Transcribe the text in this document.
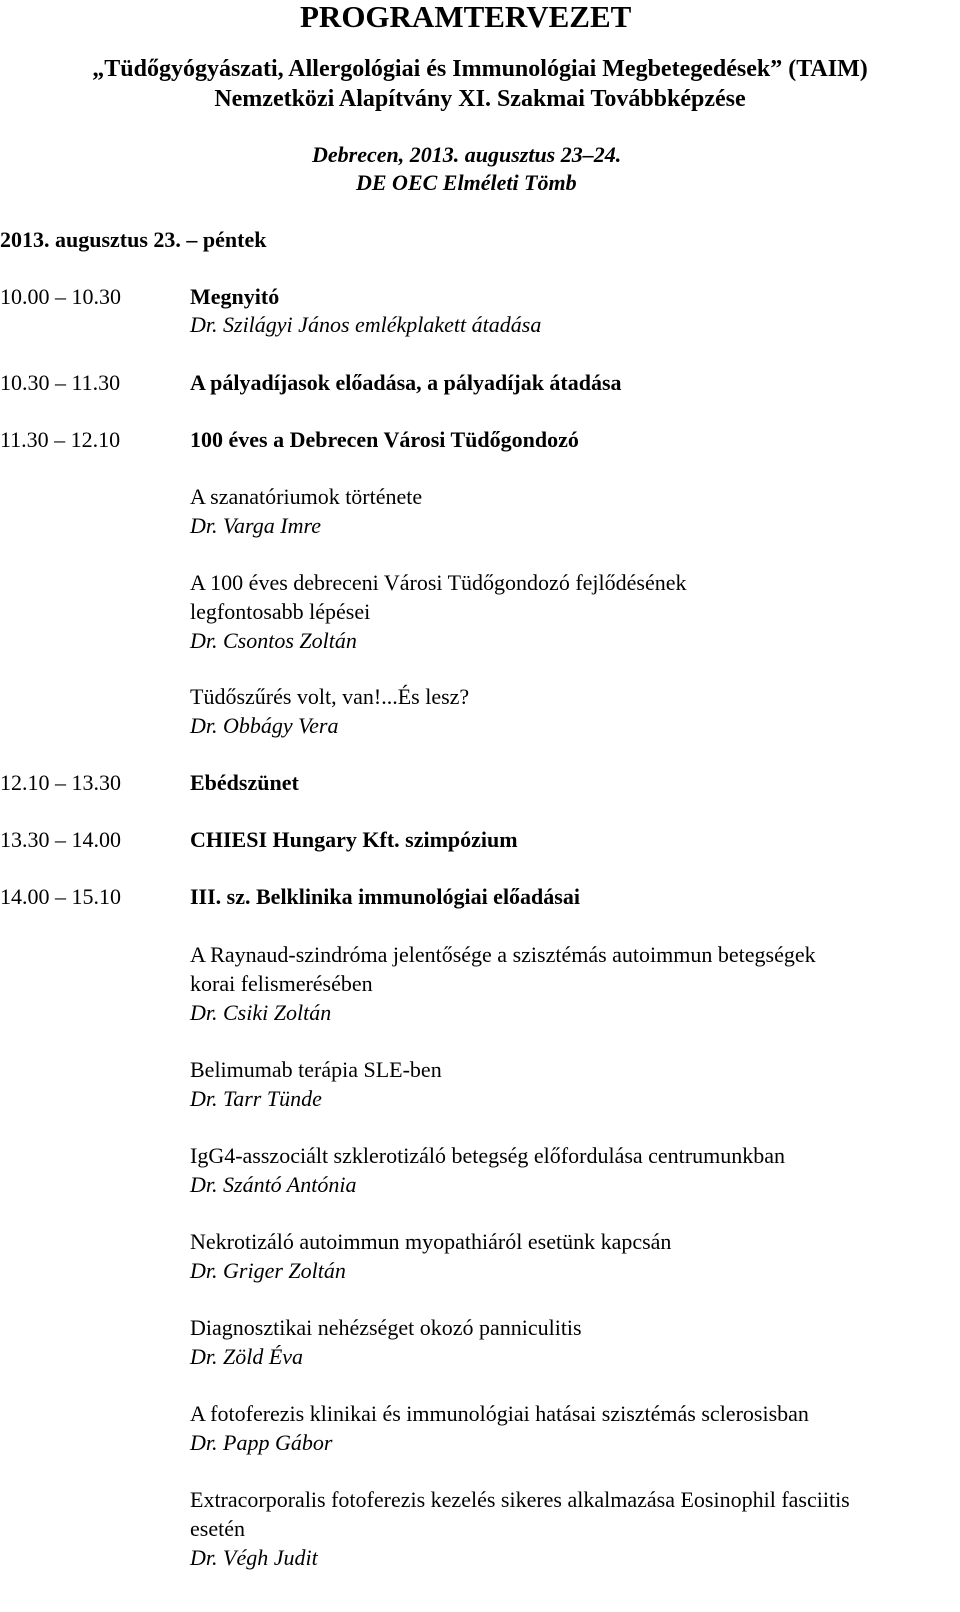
PROGRAMTERVEZET
„Tüdőgyógyászati, Allergológiai és Immunológiai Megbetegedések” (TAIM)
Nemzetközi Alapítvány XI. Szakmai Továbbképzése
Debrecen, 2013. augusztus 23–24.
DE OEC Elméleti Tömb
2013. augusztus 23. – péntek
10.00 – 10.30	Megnyitó
Dr. Szilágyi János emlékplakett átadása
10.30 – 11.30	A pályadíjasok előadása, a pályadíjak átadása
11.30 – 12.10	100 éves a Debrecen Városi Tüdőgondozó
A szanatóriumok története
Dr. Varga Imre
A 100 éves debreceni Városi Tüdőgondozó fejlődésének
legfontosabb lépései
Dr. Csontos Zoltán
Tüdőszűrés volt, van!...És lesz?
Dr. Obbágy Vera
12.10 – 13.30	Ebédszünet
13.30 – 14.00	CHIESI Hungary Kft. szimpózium
14.00 – 15.10	III. sz. Belklinika immunológiai előadásai
A Raynaud-szindróma jelentősége a szisztémás autoimmun betegségek
korai felismerésében
Dr. Csiki Zoltán
Belimumab terápia SLE-ben
Dr. Tarr Tünde
IgG4-asszociált szklerotizáló betegség előfordulása centrumunkban
Dr. Szántó Antónia
Nekrotizáló autoimmun myopathiáról esetünk kapcsán
Dr. Griger Zoltán
Diagnosztikai nehézséget okozó panniculitis
Dr. Zöld Éva
A fotoferezis klinikai és immunológiai hatásai szisztémás sclerosisban
Dr. Papp Gábor
Extracorporalis fotoferezis kezelés sikeres alkalmazása Eosinophil fasciitis
esetén
Dr. Végh Judit
